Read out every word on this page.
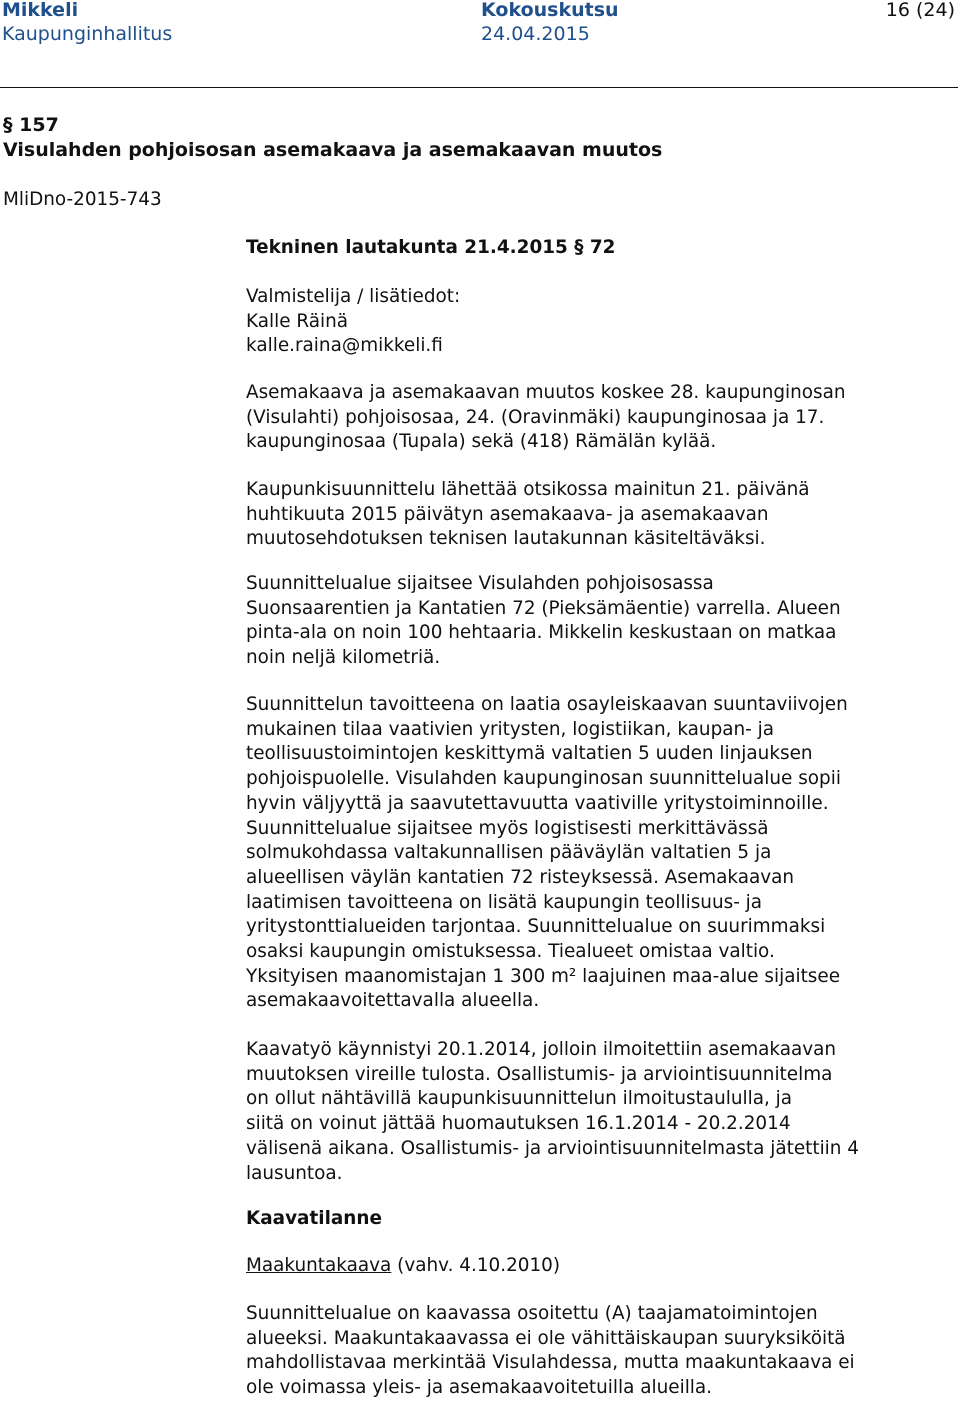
Mikkeli
Kaupunginhallitus
Kokouskutsu
24.04.2015
16 (24)
§ 157
Visulahden pohjoisosan asemakaava ja asemakaavan muutos
MliDno-2015-743
Tekninen lautakunta 21.4.2015 § 72
Valmistelija / lisätiedot:
Kalle Räinä
kalle.raina@mikkeli.fi

Asemakaava ja asemakaavan muutos koskee 28. kaupunginosan
(Visulahti) pohjoisosaa, 24. (Oravinmäki) kaupunginosaa ja 17.
kaupunginosaa (Tupala) sekä (418) Rämälän kylää.

Kaupunkisuunnittelu lähettää otsikossa mainitun 21. päivänä
huhtikuuta 2015 päivätyn asemakaava- ja asemakaavan
muutosehdotuksen teknisen lautakunnan käsiteltäväksi.

Suunnittelualue sijaitsee Visulahden pohjoisosassa
Suonsaarentien ja Kantatien 72 (Pieksämäentie) varrella. Alueen
pinta-ala on noin 100 hehtaaria. Mikkelin keskustaan on matkaa
noin neljä kilometriä.

Suunnittelun tavoitteena on laatia osayleiskaavan suuntaviivojen
mukainen tilaa vaativien yritysten, logistiikan, kaupan- ja
teollisuustoimintojen keskittymä valtatien 5 uuden linjauksen
pohjoispuolelle. Visulahden kaupunginosan suunnittelualue sopii
hyvin väljyyttä ja saavutettavuutta vaativille yritystoiminnoille.
Suunnittelualue sijaitsee myös logistisesti merkittävässä
solmukohdassa valtakunnallisen pääväylän valtatien 5 ja
alueellisen väylän kantatien 72 risteyksessä. Asemakaavan
laatimisen tavoitteena on lisätä kaupungin teollisuus- ja
yritystonttialueiden tarjontaa. Suunnittelualue on suurimmaksi
osaksi kaupungin omistuksessa. Tiealueet omistaa valtio.
Yksityisen maanomistajan 1 300 m² laajuinen maa-alue sijaitsee
asemakaavoitettavalla alueella.

Kaavatyö käynnistyi 20.1.2014, jolloin ilmoitettiin asemakaavan
muutoksen vireille tulosta. Osallistumis- ja arviointisuunnitelma
on ollut nähtävillä kaupunkisuunnittelun ilmoitustaululla, ja
siitä on voinut jättää huomautuksen 16.1.2014 - 20.2.2014
välisenä aikana. Osallistumis- ja arviointisuunnitelmasta jätettiin 4
lausuntoa.

Kaavatilanne
Maakuntakaava (vahv. 4.10.2010)

Suunnittelualue on kaavassa osoitettu (A) taajamatoimintojen
alueeksi. Maakuntakaavassa ei ole vähittäiskaupan suuryksiköitä
mahdollistavaa merkintää Visulahdessa, mutta maakuntakaava ei
ole voimassa yleis- ja asemakaavoitetuilla alueilla.
